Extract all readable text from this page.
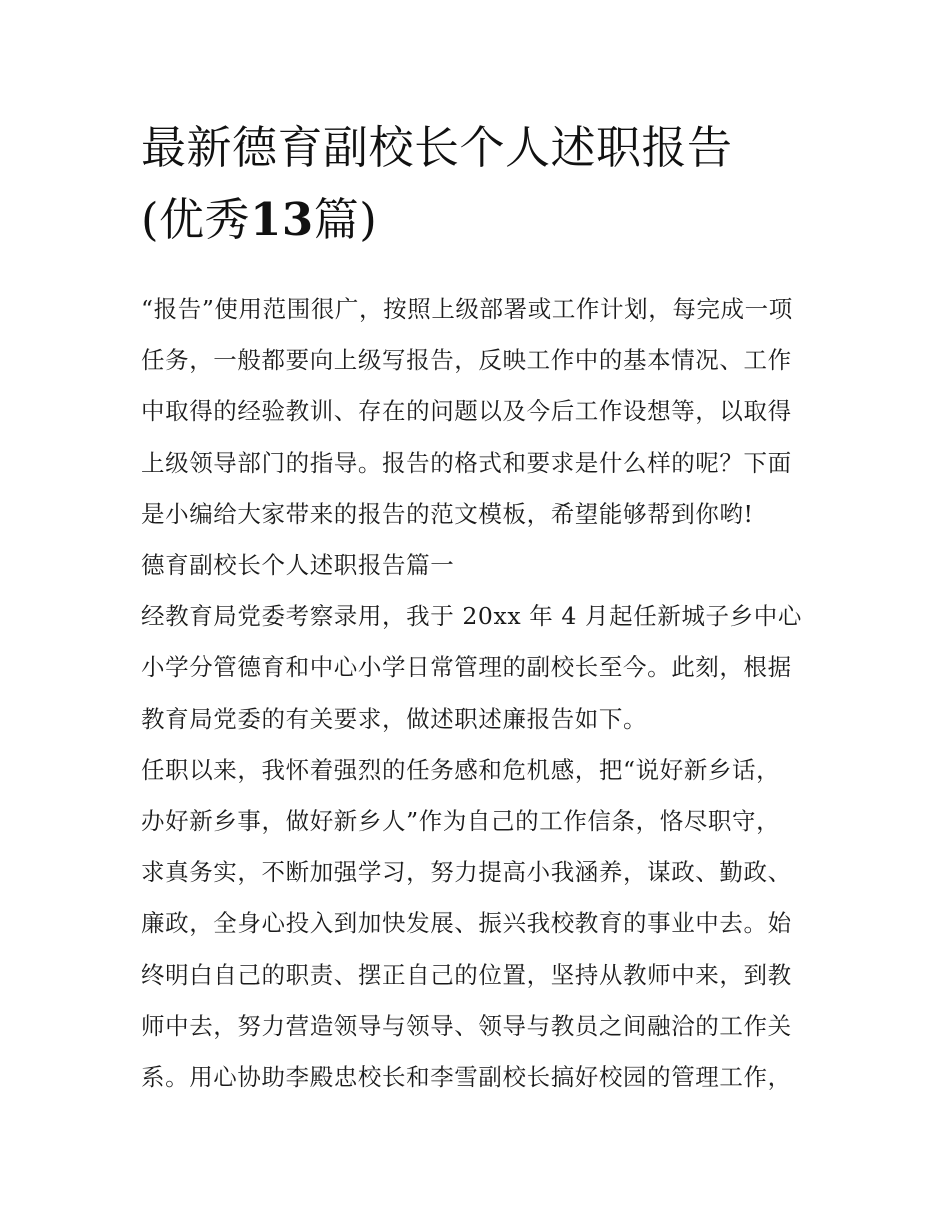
最新德育副校长个人述职报告
(优秀13篇)

“报告”使用范围很广，按照上级部署或工作计划，每完成一项
任务，一般都要向上级写报告，反映工作中的基本情况、工作
中取得的经验教训、存在的问题以及今后工作设想等，以取得
上级领导部门的指导。报告的格式和要求是什么样的呢？下面
是小编给大家带来的报告的范文模板，希望能够帮到你哟!

德育副校长个人述职报告篇一

经教育局党委考察录用，我于 20xx 年 4 月起任新城子乡中心
小学分管德育和中心小学日常管理的副校长至今。此刻，根据
教育局党委的有关要求，做述职述廉报告如下。

任职以来，我怀着强烈的任务感和危机感，把“说好新乡话，
办好新乡事，做好新乡人”作为自己的工作信条，恪尽职守，
求真务实，不断加强学习，努力提高小我涵养，谋政、勤政、
廉政，全身心投入到加快发展、振兴我校教育的事业中去。始
终明白自己的职责、摆正自己的位置，坚持从教师中来，到教
师中去，努力营造领导与领导、领导与教员之间融洽的工作关
系。用心协助李殿忠校长和李雪副校长搞好校园的管理工作，
